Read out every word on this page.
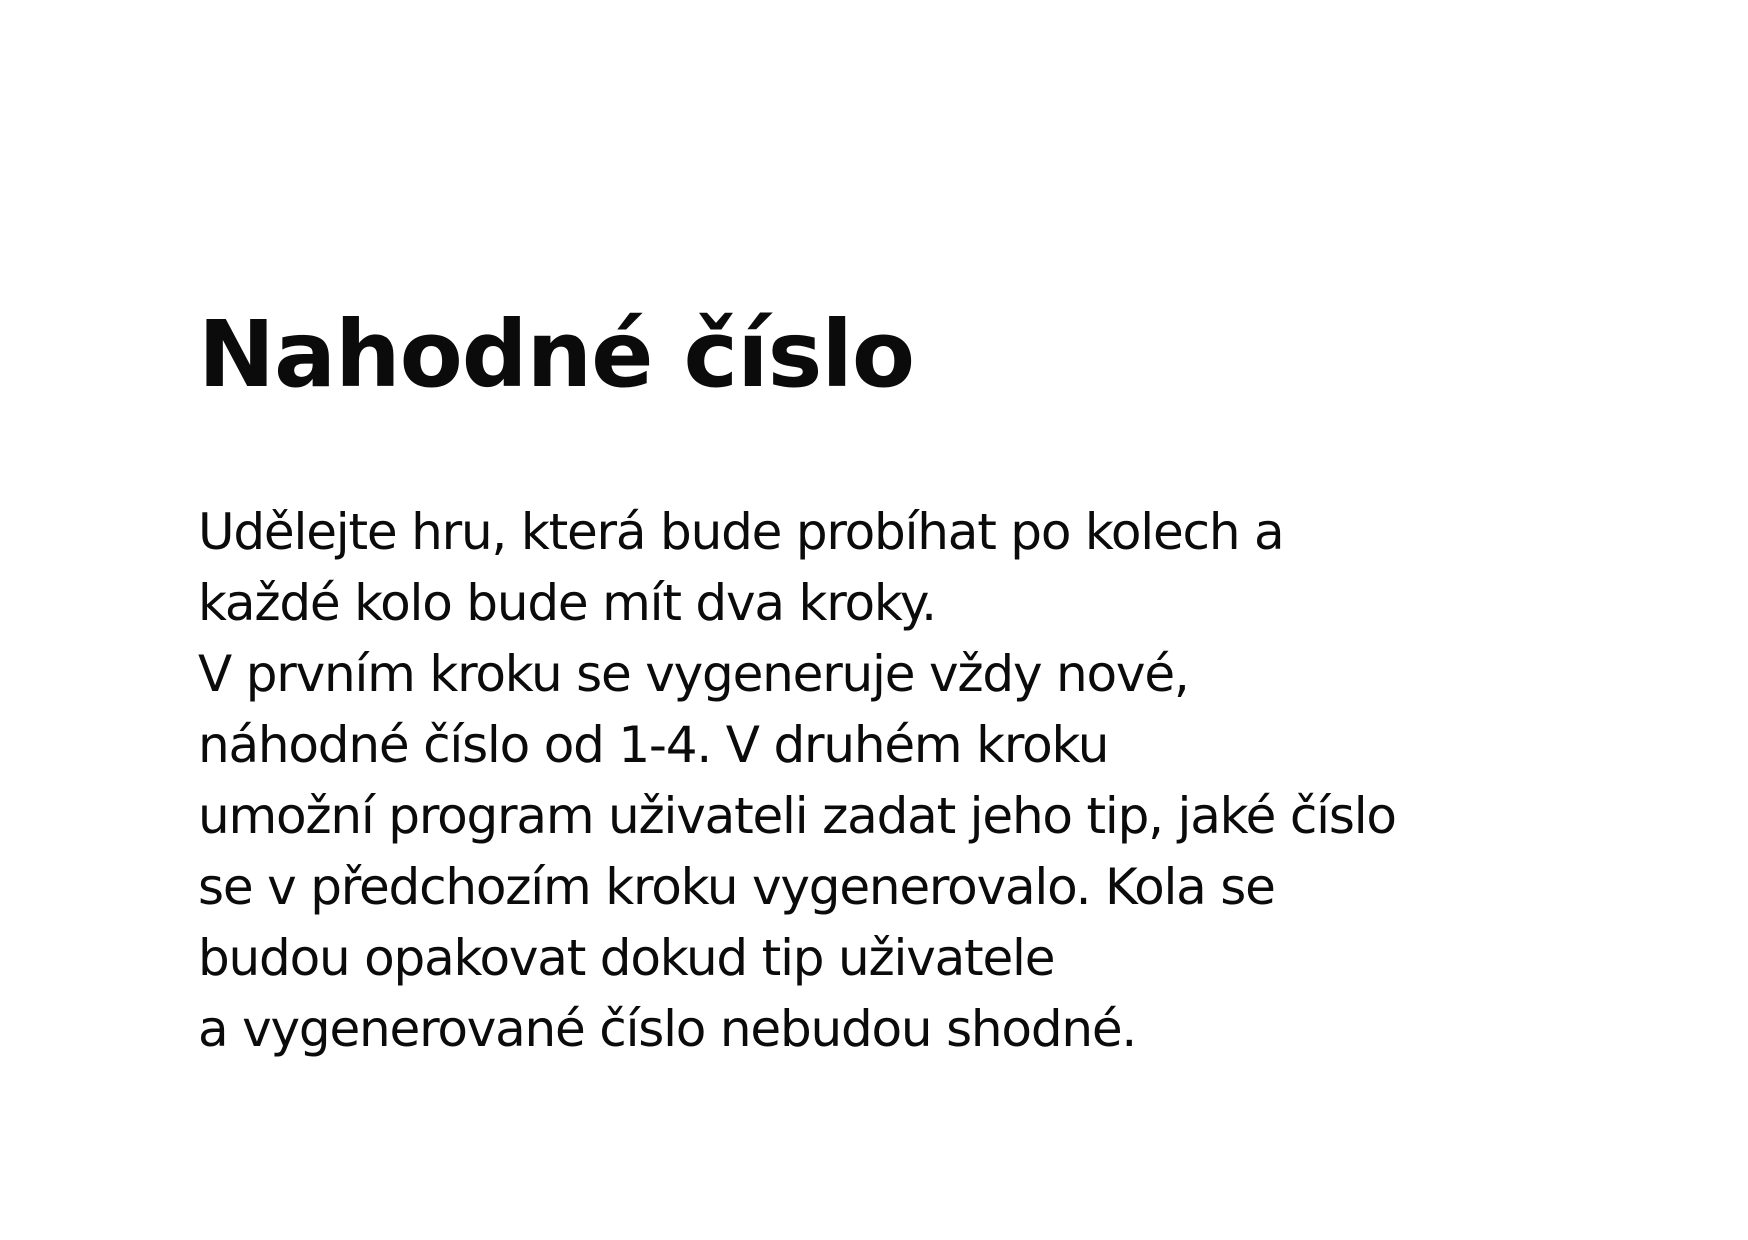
Nahodné číslo
Udělejte hru, která bude probíhat po kolech a
každé kolo bude mít dva kroky.
V prvním kroku se vygeneruje vždy nové,
náhodné číslo od 1-4. V druhém kroku
umožní program uživateli zadat jeho tip, jaké číslo
se v předchozím kroku vygenerovalo. Kola se
budou opakovat dokud tip uživatele
a vygenerované číslo nebudou shodné.
